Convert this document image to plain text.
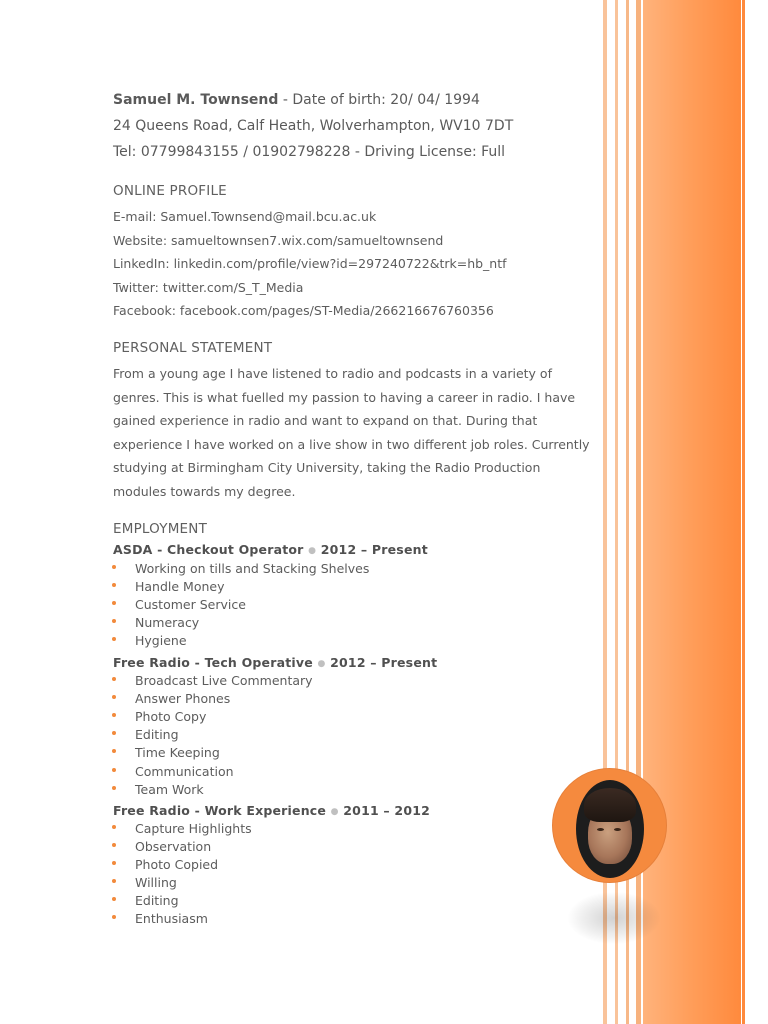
Samuel M. Townsend - Date of birth: 20/ 04/ 1994
24 Queens Road, Calf Heath, Wolverhampton, WV10 7DT
Tel: 07799843155 / 01902798228 - Driving License: Full
ONLINE PROFILE
E-mail: Samuel.Townsend@mail.bcu.ac.uk
Website: samueltownsen7.wix.com/samueltownsend
LinkedIn: linkedin.com/profile/view?id=297240722&trk=hb_ntf
Twitter: twitter.com/S_T_Media
Facebook: facebook.com/pages/ST-Media/266216676760356
PERSONAL STATEMENT
From a young age I have listened to radio and podcasts in a variety of genres. This is what fuelled my passion to having a career in radio. I have gained experience in radio and want to expand on that. During that experience I have worked on a live show in two different job roles. Currently studying at Birmingham City University, taking the Radio Production modules towards my degree.
EMPLOYMENT
ASDA - Checkout Operator ● 2012 – Present
Working on tills and Stacking Shelves
Handle Money
Customer Service
Numeracy
Hygiene
Free Radio - Tech Operative ● 2012 – Present
Broadcast Live Commentary
Answer Phones
Photo Copy
Editing
Time Keeping
Communication
Team Work
Free Radio - Work Experience ● 2011 – 2012
Capture Highlights
Observation
Photo Copied
Willing
Editing
Enthusiasm
